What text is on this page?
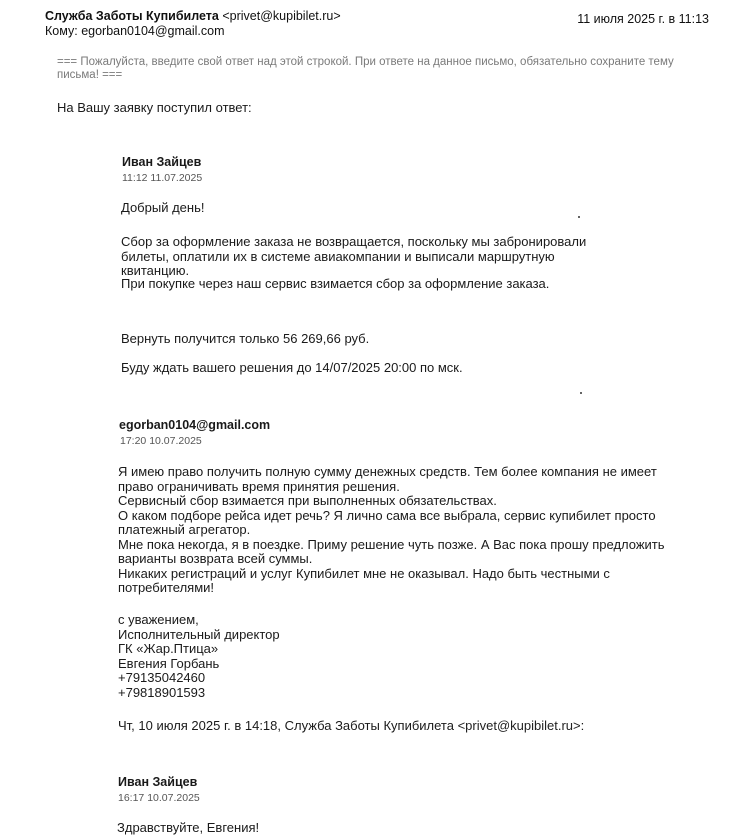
Служба Заботы Купибилета <privet@kupibilet.ru>
Кому: egorban0104@gmail.com
11 июля 2025 г. в 11:13
=== Пожалуйста, введите свой ответ над этой строкой. При ответе на данное письмо, обязательно сохраните тему письма! ===
На Вашу заявку поступил ответ:
Иван Зайцев
11:12 11.07.2025
Добрый день!
Сбор за оформление заказа не возвращается, поскольку мы забронировали билеты, оплатили их в системе авиакомпании и выписали маршрутную квитанцию.
При покупке через наш сервис взимается сбор за оформление заказа.
Вернуть получится только 56 269,66 руб.
Буду ждать вашего решения до 14/07/2025 20:00 по мск.
egorban0104@gmail.com
17:20 10.07.2025
Я имею право получить полную сумму денежных средств. Тем более компания не имеет
право ограничивать время принятия решения.
Сервисный сбор взимается при выполненных обязательствах.
О каком подборе рейса идет речь? Я лично сама все выбрала, сервис купибилет просто
платежный агрегатор.
Мне пока некогда, я в поездке. Приму решение чуть позже. А Вас пока прошу предложить
варианты возврата всей суммы.
Никаких регистраций и услуг Купибилет мне не оказывал. Надо быть честными с
потребителями!
с уважением,
Исполнительный директор
ГК «Жар.Птица»
Евгения Горбань
+79135042460
+79818901593
Чт, 10 июля 2025 г. в 14:18, Служба Заботы Купибилета <privet@kupibilet.ru>:
Иван Зайцев
16:17 10.07.2025
Здравствуйте, Евгения!
